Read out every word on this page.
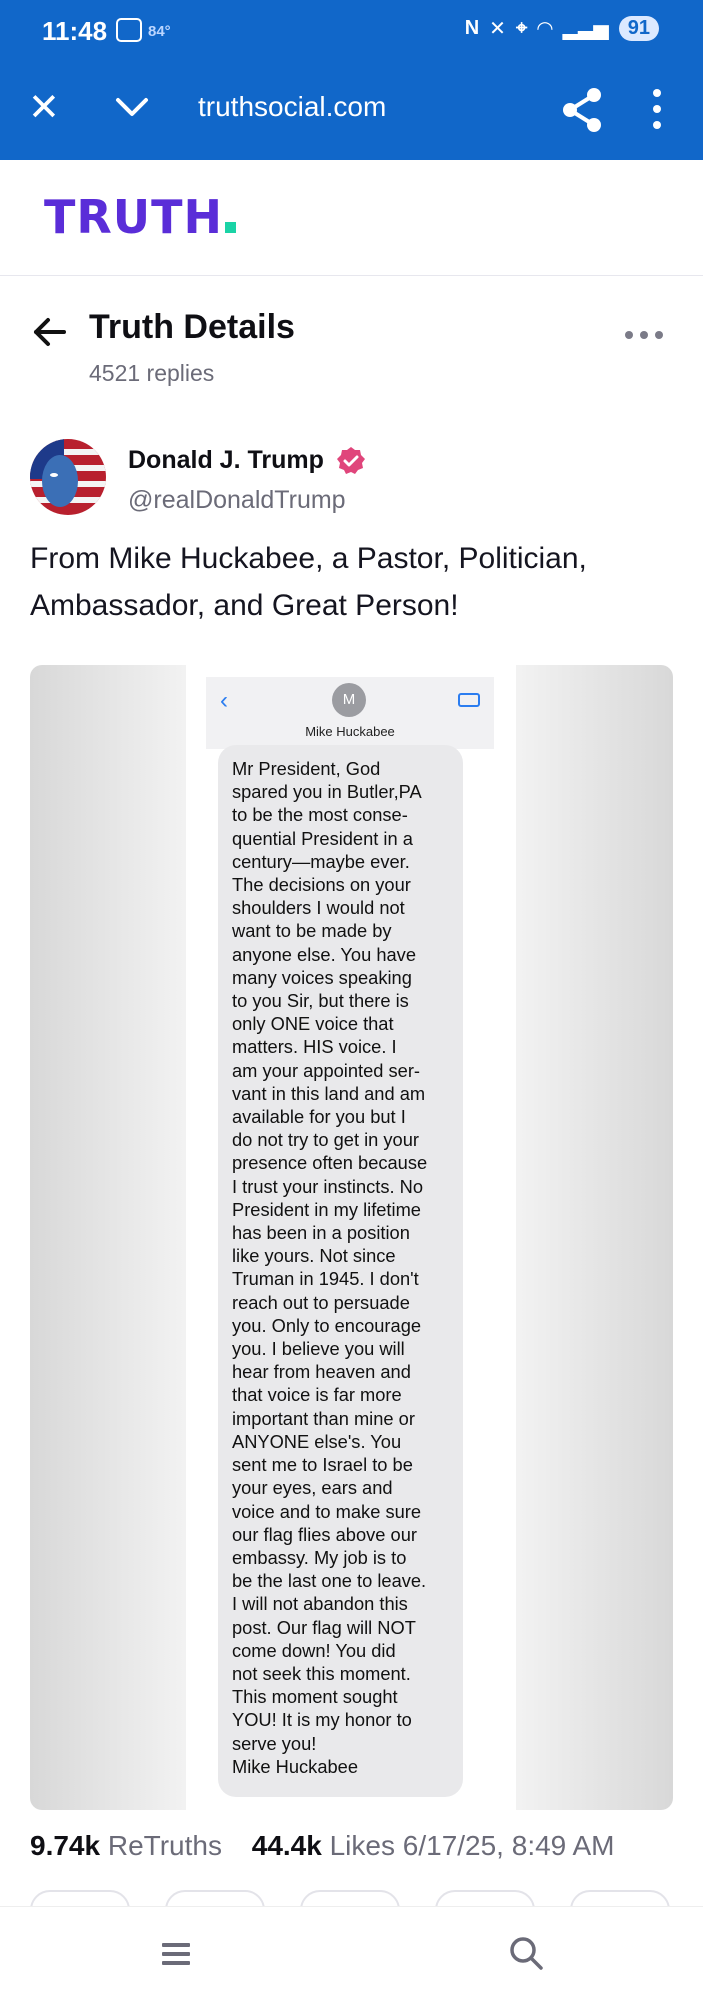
11:48	84°	N ✕ ⌖ ◠ ▂▃▅ 91
✕	truthsocial.com
TRUTH
Truth Details
4521 replies
Donald J. Trump
@realDonaldTrump
From Mike Huckabee, a Pastor, Politician, Ambassador, and Great Person!
‹	M
Mike Huckabee
Mr President, God
spared you in Butler,PA
to be the most conse-
quential President in a
century—maybe ever.
The decisions on your
shoulders I would not
want to be made by
anyone else. You have
many voices speaking
to you Sir, but there is
only ONE voice that
matters. HIS voice. I
am your appointed ser-
vant in this land and am
available for you but I
do not try to get in your
presence often because
I trust your instincts. No
President in my lifetime
has been in a position
like yours. Not since
Truman in 1945. I don't
reach out to persuade
you. Only to encourage
you. I believe you will
hear from heaven and
that voice is far more
important than mine or
ANYONE else's. You
sent me to Israel to be
your eyes, ears and
voice and to make sure
our flag flies above our
embassy. My job is to
be the last one to leave.
I will not abandon this
post. Our flag will NOT
come down! You did
not seek this moment.
This moment sought
YOU! It is my honor to
serve you!
Mike Huckabee
9.74k ReTruths 44.4k Likes 6/17/25, 8:49 AM
